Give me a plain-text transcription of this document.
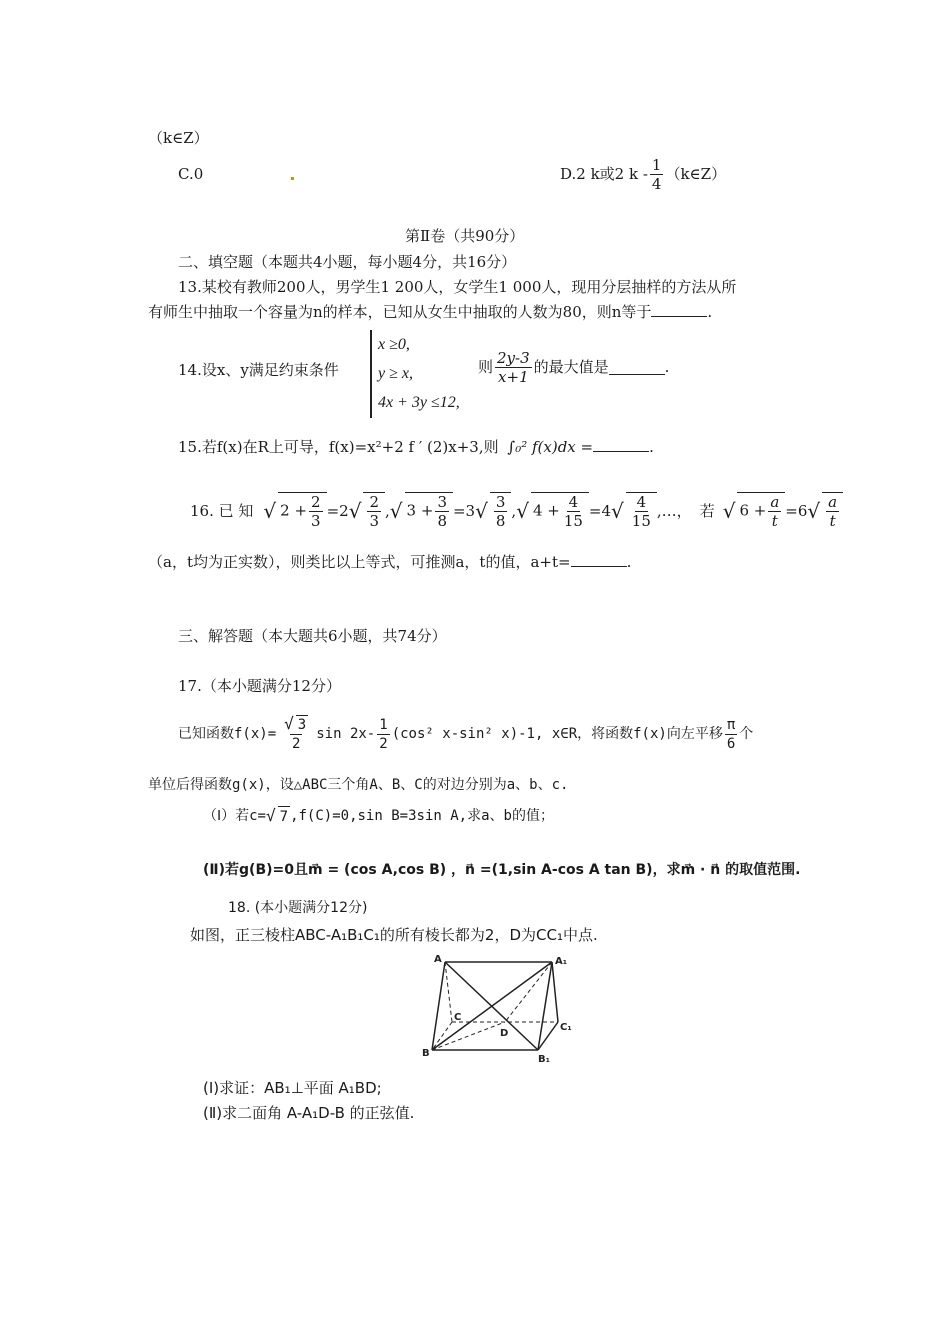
（k∈Z）
C.0	D.2 k或2 k - $\frac{1}{4}$ （k∈Z）
第Ⅱ卷（共90分）
二、填空题（本题共4小题，每小题4分，共16分）
13.某校有教师200人，男学生1 200人，女学生1 000人，现用分层抽样的方法从所
有师生中抽取一个容量为n的样本，已知从女生中抽取的人数为80，则n等于	.
14.设x、y满足约束条件
x ≥0,
y ≥ x,
4x + 3y ≤12,
则 $\frac{2y-3}{x+1}$ 的最大值是	.
15.若f(x)在R上可导，f(x)=x²+2 f ′ (2)x+3,则 ∫₀² f(x)dx =	.
16. 已 知 √ $2 + \frac{2}{3} =2$ √ $\frac{2}{3}$ , √ $3 + \frac{3}{8} =3$ √ $\frac{3}{8}$ , √ $4 + \frac{4}{15} =4$ √ $\frac{4}{15}$ , …， 若 √ $6 + \frac{a}{t} =6$ √ $\frac{a}{t}$
（a，t均为正实数），则类比以上等式，可推测a，t的值，a+t=	.
三、解答题（本大题共6小题，共74分）
17.（本小题满分12分）
已知函数$f(x)= \frac{√ 3}{2}$ $\sin 2x- \frac{1}{2} (\cos^2$ x-sin² x)-1, x∈R，将函数f(x)向左平移 $\frac{\pi}{6}$ 个
单位后得函数g(x)，设△ABC三个角A、B、C的对边分别为a、b、c.
（Ⅰ）若c= √ 7 ,f(C)=0,sin B=3sin A,求a、b的值；
(Ⅱ)若g(B)=0且m⃗ = (cos A,cos B) ，n⃗ =(1,sin A-cos A tan B)，求m⃗ · n⃗ 的取值范围.
18. (本小题满分12分)
如图，正三棱柱ABC-A₁B₁C₁的所有棱长都为2，D为CC₁中点.
A	A₁
C
C₁
D
B
B₁
(Ⅰ)求证：AB₁⊥平面 A₁BD;
(Ⅱ)求二面角 A-A₁D-B 的正弦值.
